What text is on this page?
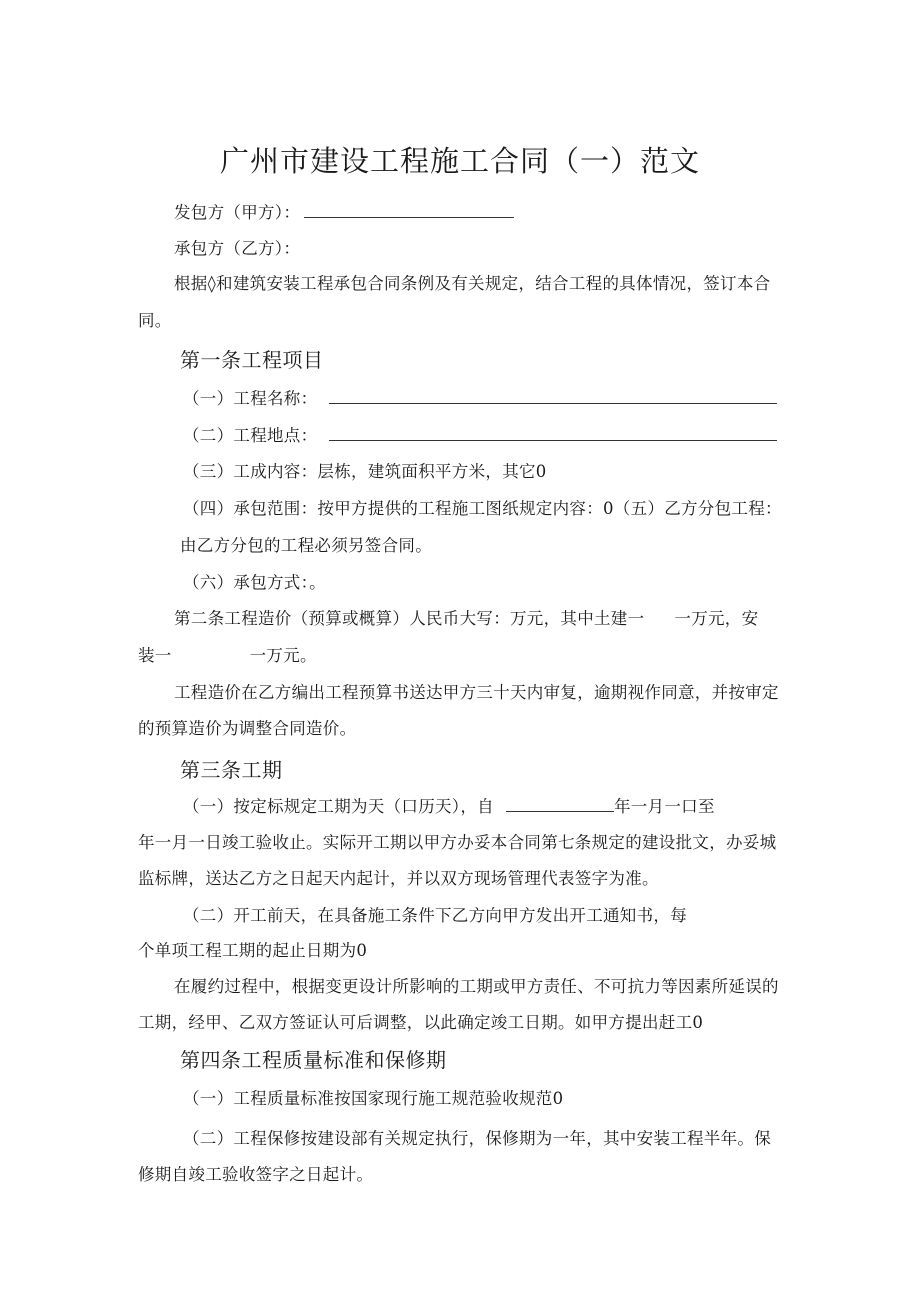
广州市建设工程施工合同（一）范文
发包方（甲方）：
承包方（乙方）：
根据◊和建筑安装工程承包合同条例及有关规定，结合工程的具体情况，签订本合
同。
第一条工程项目
（一）工程名称：
（二）工程地点：
（三）工成内容：层栋，建筑面积平方米，其它0
（四）承包范围：按甲方提供的工程施工图纸规定内容：0（五）乙方分包工程：
由乙方分包的工程必须另签合同。
（六）承包方式：。
第二条工程造价（预算或概算）人民币大写：万元，其中土建一 一万元，安
装一	一万元。
工程造价在乙方编出工程预算书送达甲方三十天内审复，逾期视作同意，并按审定
的预算造价为调整合同造价。
第三条工期
（一）按定标规定工期为天（口历天），自	年一月一口至
年一月一日竣工验收止。实际开工期以甲方办妥本合同第七条规定的建设批文，办妥城
监标牌，送达乙方之日起天内起计，并以双方现场管理代表签字为准。
（二）开工前天，在具备施工条件下乙方向甲方发出开工通知书，每
个单项工程工期的起止日期为0
在履约过程中，根据变更设计所影响的工期或甲方责任、不可抗力等因素所延误的
工期，经甲、乙双方签证认可后调整，以此确定竣工日期。如甲方提出赶工0
第四条工程质量标准和保修期
（一）工程质量标准按国家现行施工规范验收规范0
（二）工程保修按建设部有关规定执行，保修期为一年，其中安装工程半年。保
修期自竣工验收签字之日起计。
